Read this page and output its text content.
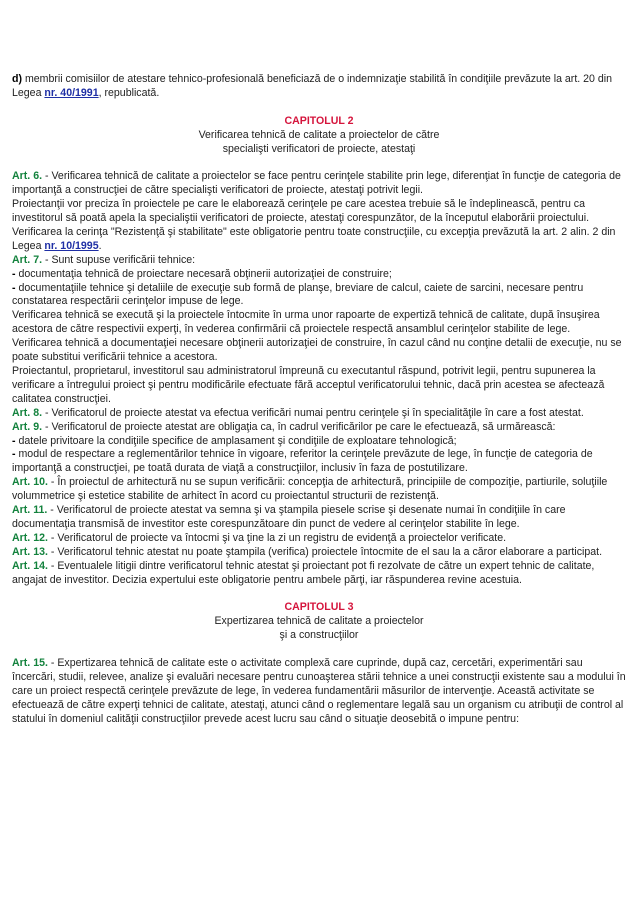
d) membrii comisiilor de atestare tehnico-profesională beneficiază de o indemnizaţie stabilită în condiţiile prevăzute la art. 20 din Legea nr. 40/1991, republicată.

CAPITOLUL 2
Verificarea tehnică de calitate a proiectelor de către
specialişti verificatori de proiecte, atestaţi

Art. 6. - Verificarea tehnică de calitate a proiectelor se face pentru cerinţele stabilite prin lege, diferenţiat în funcţie de categoria de importanţă a construcţiei de către specialişti verificatori de proiecte, atestaţi potrivit legii.

Proiectanţii vor preciza în proiectele pe care le elaborează cerinţele pe care acestea trebuie să le îndeplinească, pentru ca investitorul să poată apela la specialiştii verificatori de proiecte, atestaţi corespunzător, de la începutul elaborării proiectului.

Verificarea la cerinţa "Rezistenţă şi stabilitate" este obligatorie pentru toate construcţiile, cu excepţia prevăzută la art. 2 alin. 2 din Legea nr. 10/1995.

Art. 7. - Sunt supuse verificării tehnice:

- documentaţia tehnică de proiectare necesară obţinerii autorizaţiei de construire;

- documentaţiile tehnice şi detaliile de execuţie sub formă de planşe, breviare de calcul, caiete de sarcini, necesare pentru constatarea respectării cerinţelor impuse de lege.

Verificarea tehnică se execută şi la proiectele întocmite în urma unor rapoarte de expertiză tehnică de calitate, după însuşirea acestora de către respectivii experţi, în vederea confirmării că proiectele respectă ansamblul cerinţelor stabilite de lege.

Verificarea tehnică a documentaţiei necesare obţinerii autorizaţiei de construire, în cazul când nu conţine detalii de execuţie, nu se poate substitui verificării tehnice a acestora.

Proiectantul, proprietarul, investitorul sau administratorul împreună cu executantul răspund, potrivit legii, pentru supunerea la verificare a întregului proiect şi pentru modificările efectuate fără acceptul verificatorului tehnic, dacă prin acestea se afectează calitatea construcţiei.

Art. 8. - Verificatorul de proiecte atestat va efectua verificări numai pentru cerinţele şi în specialităţile în care a fost atestat.

Art. 9. - Verificatorul de proiecte atestat are obligaţia ca, în cadrul verificărilor pe care le efectuează, să urmărească:

- datele privitoare la condiţiile specifice de amplasament şi condiţiile de exploatare tehnologică;

- modul de respectare a reglementărilor tehnice în vigoare, referitor la cerinţele prevăzute de lege, în funcţie de categoria de importanţă a construcţiei, pe toată durata de viaţă a construcţiilor, inclusiv în faza de postutilizare.

Art. 10. - În proiectul de arhitectură nu se supun verificării: concepţia de arhitectură, principiile de compoziţie, partiurile, soluţiile volummetrice şi estetice stabilite de arhitect în acord cu proiectantul structurii de rezistenţă.

Art. 11. - Verificatorul de proiecte atestat va semna şi va ştampila piesele scrise şi desenate numai în condiţiile în care documentaţia transmisă de investitor este corespunzătoare din punct de vedere al cerinţelor stabilite în lege.

Art. 12. - Verificatorul de proiecte va întocmi şi va ţine la zi un registru de evidenţă a proiectelor verificate.

Art. 13. - Verificatorul tehnic atestat nu poate ştampila (verifica) proiectele întocmite de el sau la a căror elaborare a participat.

Art. 14. - Eventualele litigii dintre verificatorul tehnic atestat şi proiectant pot fi rezolvate de către un expert tehnic de calitate, angajat de investitor. Decizia expertului este obligatorie pentru ambele părţi, iar răspunderea revine acestuia.

CAPITOLUL 3
Expertizarea tehnică de calitate a proiectelor
şi a construcţiilor

Art. 15. - Expertizarea tehnică de calitate este o activitate complexă care cuprinde, după caz, cercetări, experimentări sau încercări, studii, relevee, analize şi evaluări necesare pentru cunoaşterea stării tehnice a unei construcţii existente sau a modului în care un proiect respectă cerinţele prevăzute de lege, în vederea fundamentării măsurilor de intervenţie. Această activitate se efectuează de către experţi tehnici de calitate, atestaţi, atunci când o reglementare legală sau un organism cu atribuţii de control al statului în domeniul calităţii construcţiilor prevede acest lucru sau când o situaţie deosebită o impune pentru:
